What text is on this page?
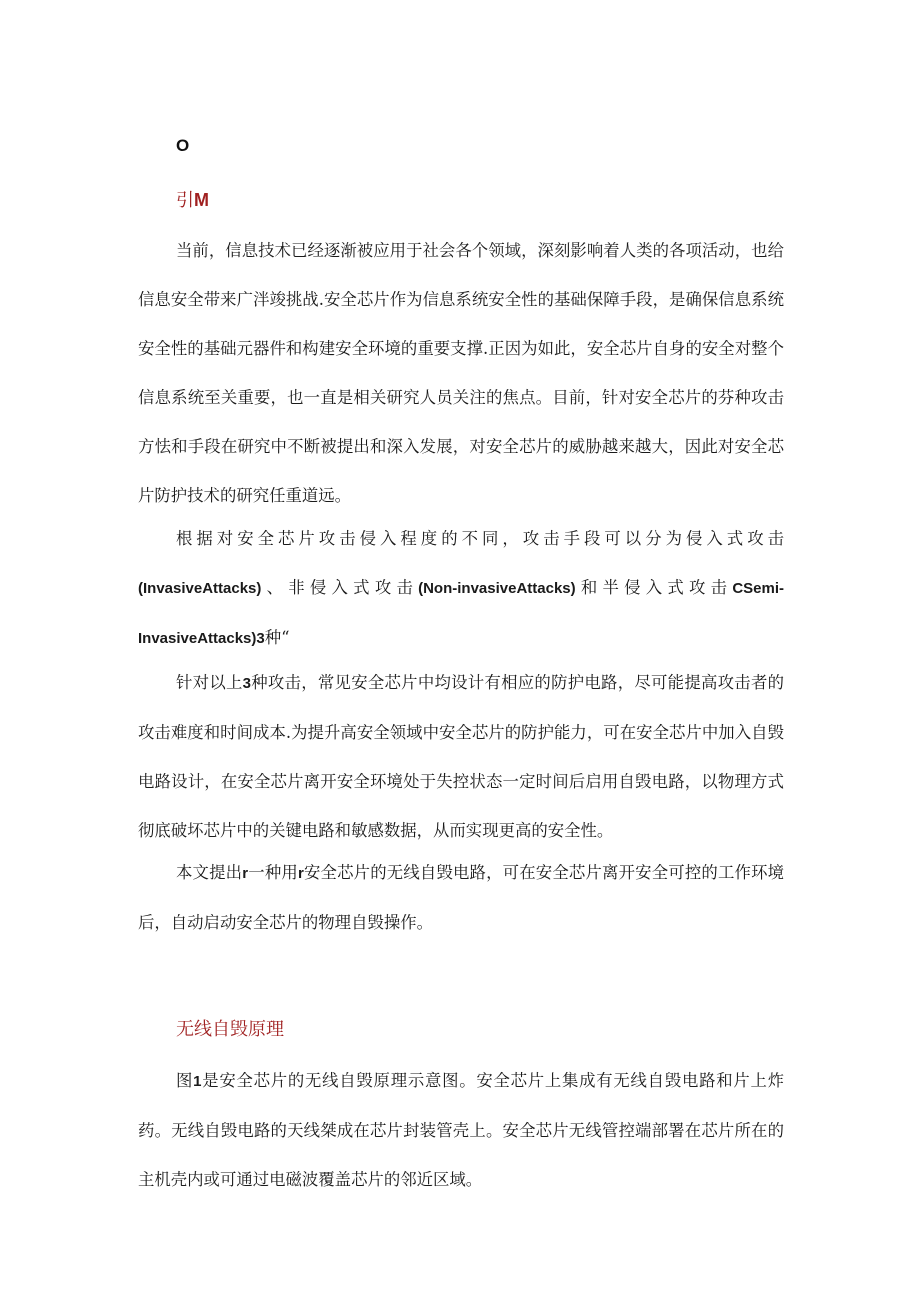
O
引M

当前，信息技术已经逐渐被应用于社会各个领域，深刻影响着人类的各项活动，也给信息安全带来广泮竣挑战.安全芯片作为信息系统安全性的基础保障手段，是确保信息系统安全性的基础元器件和构建安全环境的重要支撑.正因为如此，安全芯片自身的安全对整个信息系统至关重要，也一直是相关研究人员关注的焦点。目前，针对安全芯片的芬种攻击方怯和手段在研究中不断被提出和深入发展，对安全芯片的威胁越来越大，因此对安全芯片防护技术的研究任重道远。

根据对安全芯片攻击侵入程度的不同，攻击手段可以分为侵入式攻击(InvasiveAttacks)、非侵入式攻击(Non-invasiveAttacks)和半侵入式攻击CSemi-InvasiveAttacks)3种“

针对以上3种攻击，常见安全芯片中均设计有相应的防护电路，尽可能提高攻击者的攻击难度和时间成本.为提升高安全领域中安全芯片的防护能力，可在安全芯片中加入自毁电路设计，在安全芯片离开安全环境处于失控状态一定时间后启用自毁电路，以物理方式彻底破坏芯片中的关键电路和敏感数据，从而实现更高的安全性。

本文提出r一种用r安全芯片的无线自毁电路，可在安全芯片离开安全可控的工作环境后，自动启动安全芯片的物理自毁操作。

无线自毁原理

图1是安全芯片的无线自毁原理示意图。安全芯片上集成有无线自毁电路和片上炸药。无线自毁电路的天线桀成在芯片封装管壳上。安全芯片无线管控端部署在芯片所在的主机壳内或可通过电磁波覆盖芯片的邻近区域。
